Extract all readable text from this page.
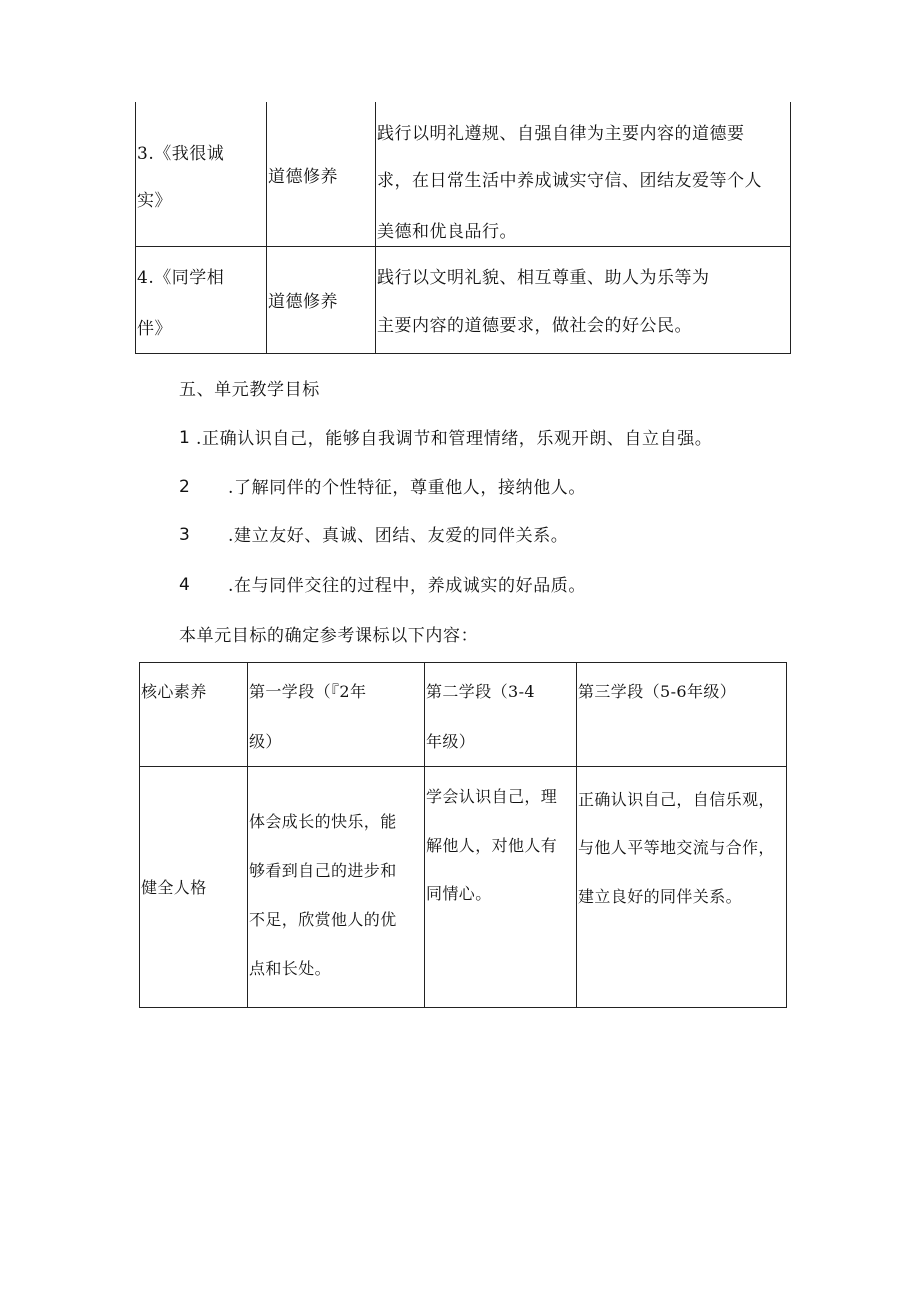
3.《我很诚
实》
道德修养
践行以明礼遵规、自强自律为主要内容的道德要
求，在日常生活中养成诚实守信、团结友爱等个人
美德和优良品行。
4.《同学相
伴》
道德修养
践行以文明礼貌、相互尊重、助人为乐等为
主要内容的道德要求，做社会的好公民。
五、单元教学目标
1 .正确认识自己，能够自我调节和管理情绪，乐观开朗、自立自强。
2 .了解同伴的个性特征，尊重他人，接纳他人。
3 .建立友好、真诚、团结、友爱的同伴关系。
4 .在与同伴交往的过程中，养成诚实的好品质。
本单元目标的确定参考课标以下内容：
核心素养	第一学段（『2年
级）
第二学段（3-4
年级）
第三学段（5-6年级）
健全人格
体会成长的快乐，能
够看到自己的进步和
不足，欣赏他人的优
点和长处。
学会认识自己，理
解他人，对他人有
同情心。
正确认识自己，自信乐观，
与他人平等地交流与合作，
建立良好的同伴关系。
